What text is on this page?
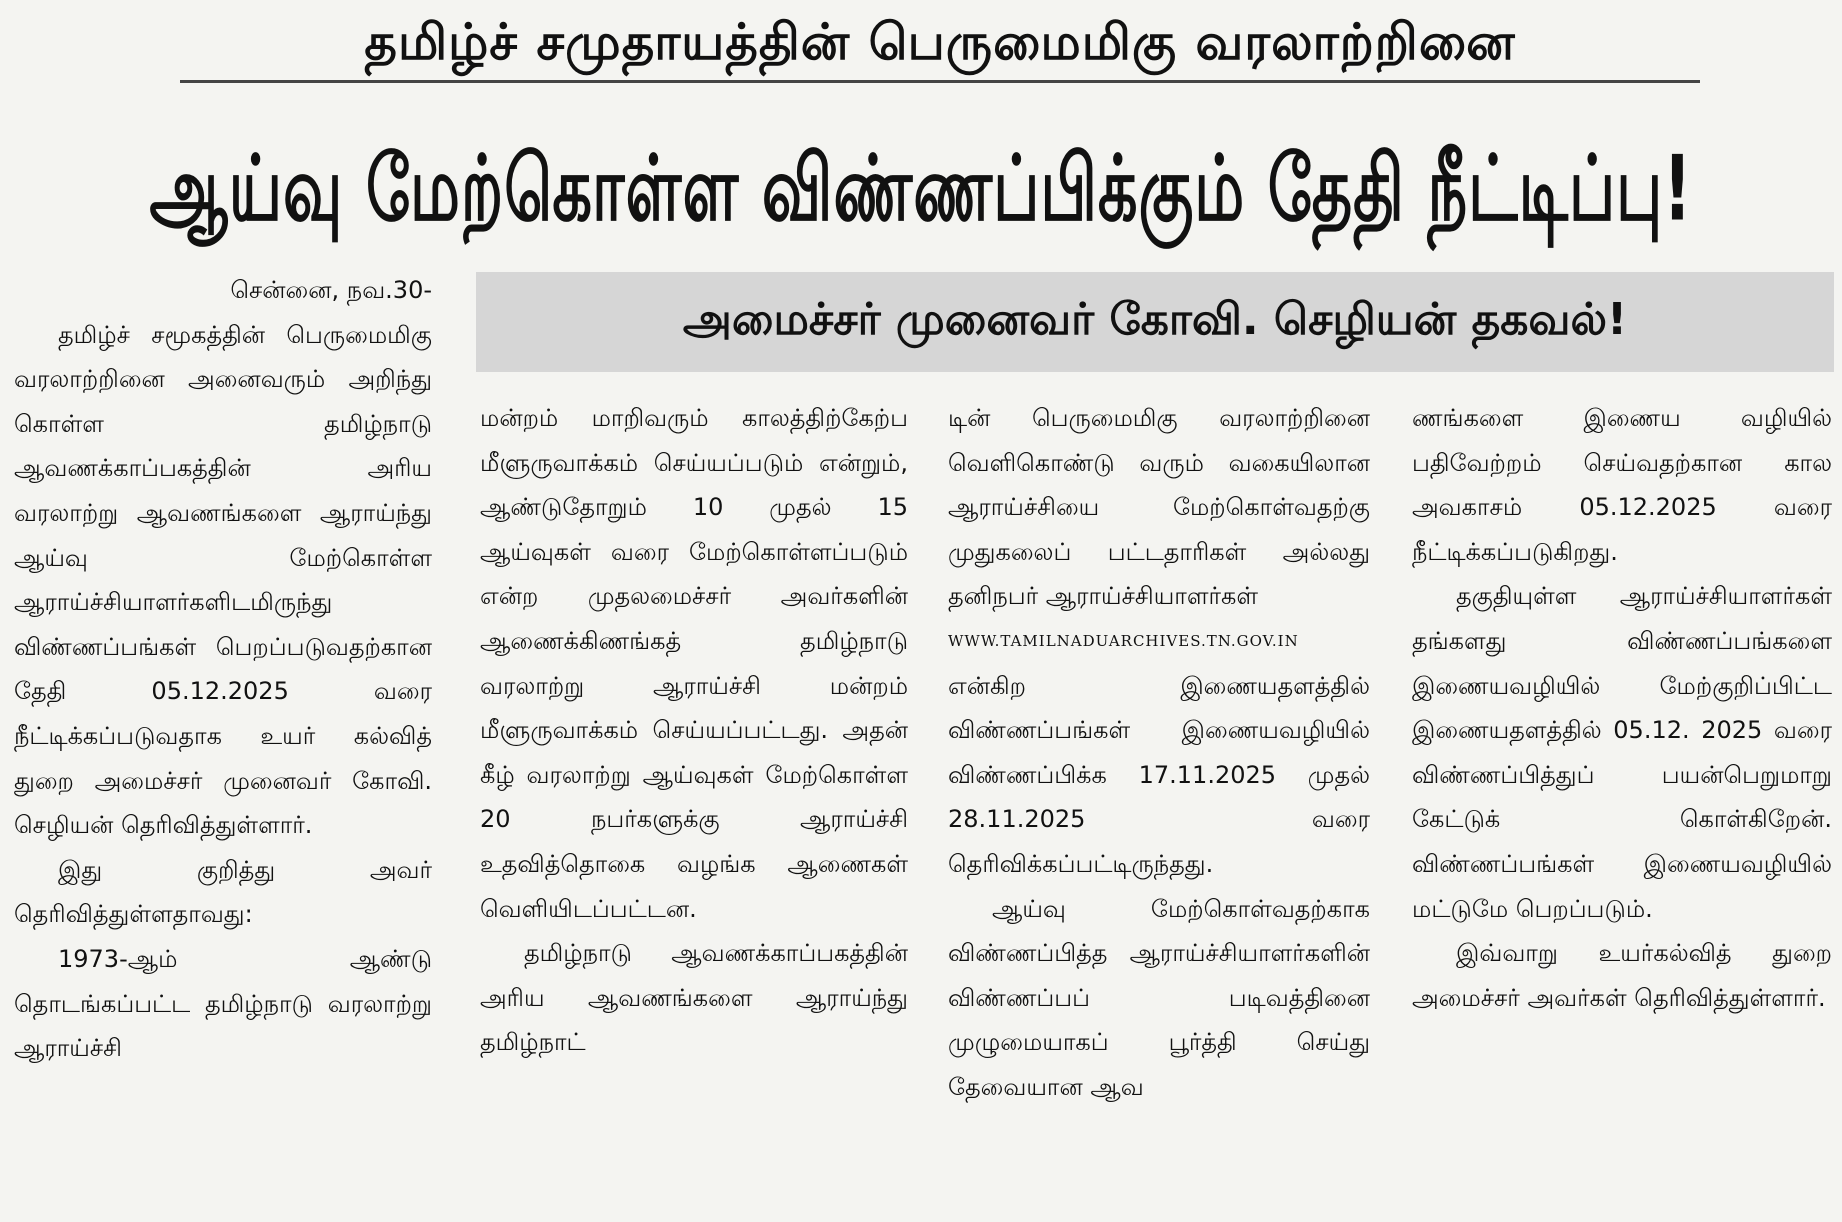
தமிழ்ச் சமுதாயத்தின் பெருமைமிகு வரலாற்றினை
ஆய்வு மேற்கொள்ள விண்ணப்பிக்கும் தேதி நீட்டிப்பு!
அமைச்சர் முனைவர் கோவி. செழியன் தகவல்!

சென்னை, நவ.30-

தமிழ்ச் சமூகத்தின் பெருமைமிகு வரலாற்றினை அனைவரும் அறிந்து கொள்ள தமிழ்நாடு ஆவணக்காப்பகத்தின் அரிய வரலாற்று ஆவணங்களை ஆராய்ந்து ஆய்வு மேற்கொள்ள ஆராய்ச்சியாளர்களிடமிருந்து விண்ணப்பங்கள் பெறப்படுவதற்கான தேதி 05.12.2025 வரை நீட்டிக்கப்படுவதாக உயர் கல்வித் துறை அமைச்சர் முனைவர் கோவி. செழியன் தெரிவித்துள்ளார்.

இது குறித்து அவர் தெரிவித்துள்ளதாவது:

1973-ஆம் ஆண்டு தொடங்கப்பட்ட தமிழ்நாடு வரலாற்று ஆராய்ச்சி

மன்றம் மாறிவரும் காலத்திற்கேற்ப மீளுருவாக்கம் செய்யப்படும் என்றும், ஆண்டுதோறும் 10 முதல் 15 ஆய்வுகள் வரை மேற்கொள்ளப்படும் என்ற முதலமைச்சர் அவர்களின் ஆணைக்கிணங்கத் தமிழ்நாடு வரலாற்று ஆராய்ச்சி மன்றம் மீளுருவாக்கம் செய்யப்பட்டது. அதன் கீழ் வரலாற்று ஆய்வுகள் மேற்கொள்ள 20 நபர்களுக்கு ஆராய்ச்சி உதவித்தொகை வழங்க ஆணைகள் வெளியிடப்பட்டன.

தமிழ்நாடு ஆவணக்காப்பகத்தின் அரிய ஆவணங்களை ஆராய்ந்து தமிழ்நாட்

டின் பெருமைமிகு வரலாற்றினை வெளிகொண்டு வரும் வகையிலான ஆராய்ச்சியை மேற்கொள்வதற்கு முதுகலைப் பட்டதாரிகள் அல்லது தனிநபர் ஆராய்ச்சியாளர்கள்

WWW.TAMILNADUARCHIVES.TN.GOV.IN

என்கிற இணையதளத்தில் விண்ணப்பங்கள் இணையவழியில் விண்ணப்பிக்க 17.11.2025 முதல் 28.11.2025 வரை தெரிவிக்கப்பட்டிருந்தது.

ஆய்வு மேற்கொள்வதற்காக விண்ணப்பித்த ஆராய்ச்சியாளர்களின் விண்ணப்பப் படிவத்தினை முழுமையாகப் பூர்த்தி செய்து தேவையான ஆவ

ணங்களை இணைய வழியில் பதிவேற்றம் செய்வதற்கான கால அவகாசம் 05.12.2025 வரை நீட்டிக்கப்படுகிறது.

தகுதியுள்ள ஆராய்ச்சியாளர்கள் தங்களது விண்ணப்பங்களை இணையவழியில் மேற்குறிப்பிட்ட இணையதளத்தில் 05.12. 2025 வரை விண்ணப்பித்துப் பயன்பெறுமாறு கேட்டுக் கொள்கிறேன். விண்ணப்பங்கள் இணையவழியில் மட்டுமே பெறப்படும்.

இவ்வாறு உயர்கல்வித் துறை அமைச்சர் அவர்கள் தெரிவித்துள்ளார்.
